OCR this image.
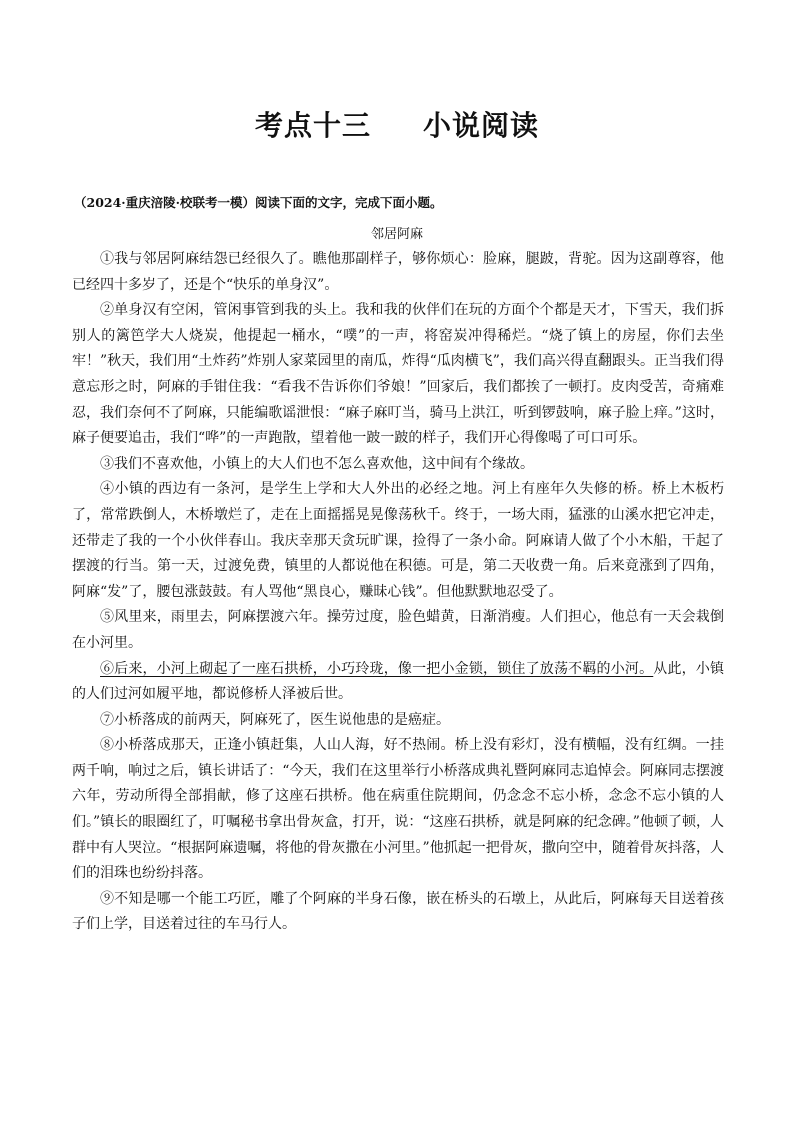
考点十三 小说阅读
（2024·重庆涪陵·校联考一模）阅读下面的文字，完成下面小题。
邻居阿麻

①我与邻居阿麻结怨已经很久了。瞧他那副样子，够你烦心：脸麻，腿跛，背驼。因为这副尊容，他已经四十多岁了，还是个“快乐的单身汉”。

②单身汉有空闲，管闲事管到我的头上。我和我的伙伴们在玩的方面个个都是天才，下雪天，我们拆别人的篱笆学大人烧炭，他提起一桶水，“噗”的一声，将窑炭冲得稀烂。“烧了镇上的房屋，你们去坐牢！”秋天，我们用“土炸药”炸别人家菜园里的南瓜，炸得“瓜肉横飞”，我们高兴得直翻跟头。正当我们得意忘形之时，阿麻的手钳住我：“看我不告诉你们爷娘！”回家后，我们都挨了一顿打。皮肉受苦，奇痛难忍，我们奈何不了阿麻，只能编歌谣泄恨：“麻子麻叮当，骑马上洪江，听到锣鼓响，麻子脸上痒。”这时，麻子便要追击，我们“哗”的一声跑散，望着他一跛一跛的样子，我们开心得像喝了可口可乐。

③我们不喜欢他，小镇上的大人们也不怎么喜欢他，这中间有个缘故。

④小镇的西边有一条河，是学生上学和大人外出的必经之地。河上有座年久失修的桥。桥上木板朽了，常常跌倒人，木桥墩烂了，走在上面摇摇晃晃像荡秋千。终于，一场大雨，猛涨的山溪水把它冲走，还带走了我的一个小伙伴春山。我庆幸那天贪玩旷课，捡得了一条小命。阿麻请人做了个小木船，干起了摆渡的行当。第一天，过渡免费，镇里的人都说他在积德。可是，第二天收费一角。后来竟涨到了四角，阿麻“发”了，腰包涨鼓鼓。有人骂他“黑良心，赚昧心钱”。但他默默地忍受了。

⑤风里来，雨里去，阿麻摆渡六年。操劳过度，脸色蜡黄，日渐消瘦。人们担心，他总有一天会栽倒在小河里。

⑥后来，小河上砌起了一座石拱桥，小巧玲珑，像一把小金锁，锁住了放荡不羁的小河。从此，小镇的人们过河如履平地，都说修桥人泽被后世。

⑦小桥落成的前两天，阿麻死了，医生说他患的是癌症。

⑧小桥落成那天，正逢小镇赶集，人山人海，好不热闹。桥上没有彩灯，没有横幅，没有红绸。一挂两千响，响过之后，镇长讲话了：“今天，我们在这里举行小桥落成典礼暨阿麻同志追悼会。阿麻同志摆渡六年，劳动所得全部捐献，修了这座石拱桥。他在病重住院期间，仍念念不忘小桥，念念不忘小镇的人们。”镇长的眼圈红了，叮嘱秘书拿出骨灰盒，打开，说：“这座石拱桥，就是阿麻的纪念碑。”他顿了顿，人群中有人哭泣。“根据阿麻遗嘱，将他的骨灰撒在小河里。”他抓起一把骨灰，撒向空中，随着骨灰抖落，人们的泪珠也纷纷抖落。

⑨不知是哪一个能工巧匠，雕了个阿麻的半身石像，嵌在桥头的石墩上，从此后，阿麻每天目送着孩子们上学，目送着过往的车马行人。
